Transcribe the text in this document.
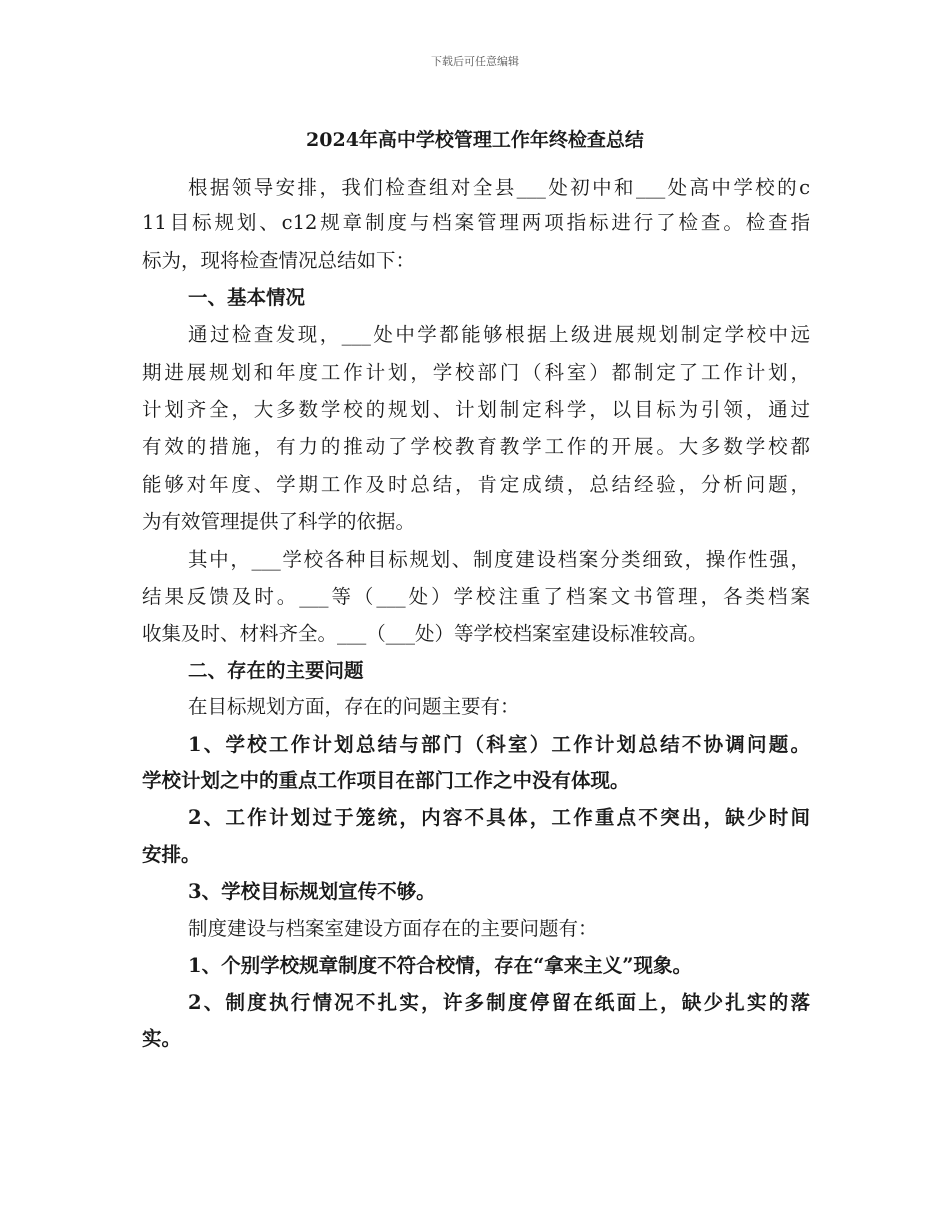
下载后可任意编辑
2024年高中学校管理工作年终检查总结
根据领导安排，我们检查组对全县___处初中和___处高中学校的c
11目标规划、c12规章制度与档案管理两项指标进行了检查。检查指
标为，现将检查情况总结如下：
一、基本情况
通过检查发现，___处中学都能够根据上级进展规划制定学校中远
期进展规划和年度工作计划，学校部门（科室）都制定了工作计划，
计划齐全，大多数学校的规划、计划制定科学，以目标为引领，通过
有效的措施，有力的推动了学校教育教学工作的开展。大多数学校都
能够对年度、学期工作及时总结，肯定成绩，总结经验，分析问题，
为有效管理提供了科学的依据。
其中，___学校各种目标规划、制度建设档案分类细致，操作性强，
结果反馈及时。___等（___处）学校注重了档案文书管理，各类档案
收集及时、材料齐全。___（___处）等学校档案室建设标准较高。
二、存在的主要问题
在目标规划方面，存在的问题主要有：
1、学校工作计划总结与部门（科室）工作计划总结不协调问题。
学校计划之中的重点工作项目在部门工作之中没有体现。
2、工作计划过于笼统，内容不具体，工作重点不突出，缺少时间
安排。
3、学校目标规划宣传不够。
制度建设与档案室建设方面存在的主要问题有：
1、个别学校规章制度不符合校情，存在“拿来主义”现象。
2、制度执行情况不扎实，许多制度停留在纸面上，缺少扎实的落
实。
